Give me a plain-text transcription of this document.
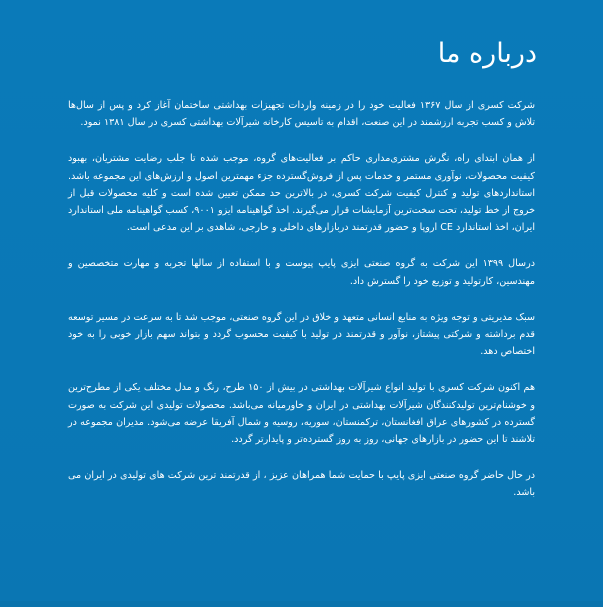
درباره ما

شرکت کسری از سال ۱۳۶۷ فعالیت خود را در زمینه واردات تجهیزات بهداشتی ساختمان آغاز کرد و پس از سال‌ها تلاش و کسب تجربه ارزشمند در این صنعت، اقدام به تاسیس کارخانه شیرآلات بهداشتی کسری در سال ۱۳۸۱ نمود.

از همان ابتدای راه، نگرش مشتری‌مداری حاکم بر فعالیت‌های گروه، موجب شده تا جلب رضایت مشتریان، بهبود کیفیت محصولات، نوآوری مستمر و خدمات پس از فروش‌گسترده جزء مهمترین اصول و ارزش‌های این مجموعه باشد. استانداردهای تولید و کنترل کیفیت شرکت کسری، در بالاترین حد ممکن تعیین شده است و کلیه محصولات قبل از خروج از خط تولید، تحت سخت‌ترین آزمایشات قرار می‌گیرند. اخذ گواهینامه ایزو ۹۰۰۱، کسب گواهینامه ملی استاندارد ایران، اخذ استاندارد CE اروپا و حضور قدرتمند دربازارهای داخلی و خارجی، شاهدی بر این مدعی است.

درسال ۱۳۹۹ این شرکت به گروه صنعتی ایزی پایپ پیوست و با استفاده از سالها تجربه و مهارت متخصصین و مهندسین، کارتولید و توزیع خود را گسترش داد.

سبک مدیریتی و توجه ویژه به منابع انسانی متعهد و خلاق در این گروه صنعتی، موجب شد تا به سرعت در مسیر توسعه قدم برداشته و شرکتی پیشتاز، نوآور و قدرتمند در تولید با کیفیت محسوب گردد و بتواند سهم بازار خوبی را به خود اختصاص دهد.

هم اکنون شرکت کسری با تولید انواع شیرآلات بهداشتی در بیش از ۱۵۰ طرح، رنگ و مدل مختلف یکی از مطرح‌ترین و خوشنام‌ترین تولیدکنندگان شیرآلات بهداشتی در ایران و خاورمیانه می‌باشد. محصولات تولیدی این شرکت به صورت گسترده در کشورهای عراق افغانستان، ترکمنستان، سوریه، روسیه و شمال آفریقا عرضه می‌شود. مدیران مجموعه در تلاشند تا این حضور در بازارهای جهانی، روز به روز گسترده‌تر و پایدارتر گردد.

در حال حاضر گروه صنعتی ایزی پایپ با حمایت شما همراهان عزیز ، از قدرتمند ترین شرکت های تولیدی در ایران می باشد.
